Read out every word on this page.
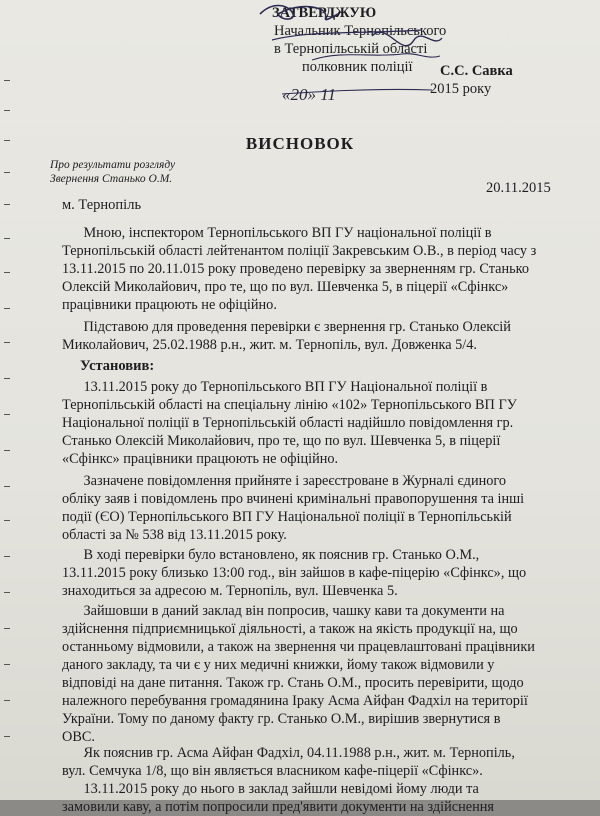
ЗАТВЕРДЖУЮ
Начальник Тернопільського
в Тернопільській області
полковник поліції С.С. Савка
2015 року
«20» 11
ВИСНОВОК
Про результати розгляду
Звернення Станько О.М.
20.11.2015
м. Тернопіль
Мною, інспектором Тернопільського ВП ГУ національної поліції в
Тернопільській області лейтенантом поліції Закревським О.В., в період часу з
13.11.2015 по 20.11.015 року проведено перевірку за зверненням гр. Станько
Олексій Миколайович, про те, що по вул. Шевченка 5, в піцерії «Сфінкс»
працівники працюють не офіційно.
Підставою для проведення перевірки є звернення гр. Станько Олексій
Миколайович, 25.02.1988 р.н., жит. м. Тернопіль, вул. Довженка 5/4.
Установив:
13.11.2015 року до Тернопільського ВП ГУ Національної поліції в
Тернопільській області на спеціальну лінію «102» Тернопільського ВП ГУ
Національної поліції в Тернопільській області надійшло повідомлення гр.
Станько Олексій Миколайович, про те, що по вул. Шевченка 5, в піцерії
«Сфінкс» працівники працюють не офіційно.
Зазначене повідомлення прийняте і зареєстроване в Журналі єдиного
обліку заяв і повідомлень про вчинені кримінальні правопорушення та інші
події (ЄО) Тернопільського ВП ГУ Національної поліції в Тернопільській
області за № 538 від 13.11.2015 року.
В ході перевірки було встановлено, як пояснив гр. Станько О.М.,
13.11.2015 року близько 13:00 год., він зайшов в кафе-піцерію «Сфінкс», що
знаходиться за адресою м. Тернопіль, вул. Шевченка 5.
Зайшовши в даний заклад він попросив, чашку кави та документи на
здійснення підприємницької діяльності, а також на якість продукції на, що
останньому відмовили, а також на звернення чи працевлаштовані працівники
даного закладу, та чи є у них медичні книжки, йому також відмовили у
відповіді на дане питання. Також гр. Стань О.М., просить перевірити, щодо
належного перебування громадянина Іраку Асма Айфан Фадхіл на території
України. Тому по даному факту гр. Станько О.М., вирішив звернутися в
ОВС.
Як пояснив гр. Асма Айфан Фадхіл, 04.11.1988 р.н., жит. м. Тернопіль,
вул. Семчука 1/8, що він являється власником кафе-піцерії «Сфінкс».
13.11.2015 року до нього в заклад зайшли невідомі йому люди та
замовили каву, а потім попросили пред'явити документи на здійснення
